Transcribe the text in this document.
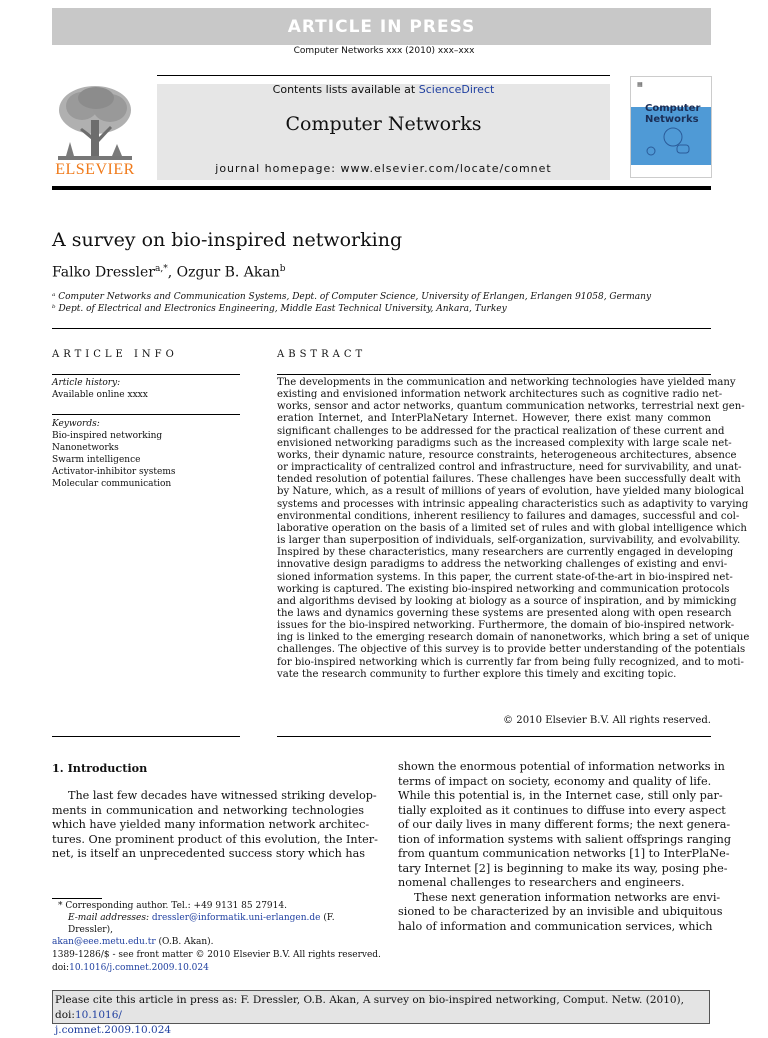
ARTICLE IN PRESS
Computer Networks xxx (2010) xxx–xxx
ELSEVIER
Contents lists available at ScienceDirect
Computer Networks
journal homepage: www.elsevier.com/locate/comnet
▦
Computer
Networks
A survey on bio-inspired networking
Falko Dressler$^{a,*}$, Ozgur B. Akan$^b$
ᵃ Computer Networks and Communication Systems, Dept. of Computer Science, University of Erlangen, Erlangen 91058, Germany
ᵇ Dept. of Electrical and Electronics Engineering, Middle East Technical University, Ankara, Turkey
ARTICLE INFO
Article history:
Available online xxxx
Keywords:
Bio-inspired networking
Nanonetworks
Swarm intelligence
Activator-inhibitor systems
Molecular communication
ABSTRACT
The developments in the communication and networking technologies have yielded many
existing and envisioned information network architectures such as cognitive radio net-
works, sensor and actor networks, quantum communication networks, terrestrial next gen-
eration Internet, and InterPlaNetary Internet. However, there exist many common
significant challenges to be addressed for the practical realization of these current and
envisioned networking paradigms such as the increased complexity with large scale net-
works, their dynamic nature, resource constraints, heterogeneous architectures, absence
or impracticality of centralized control and infrastructure, need for survivability, and unat-
tended resolution of potential failures. These challenges have been successfully dealt with
by Nature, which, as a result of millions of years of evolution, have yielded many biological
systems and processes with intrinsic appealing characteristics such as adaptivity to varying
environmental conditions, inherent resiliency to failures and damages, successful and col-
laborative operation on the basis of a limited set of rules and with global intelligence which
is larger than superposition of individuals, self-organization, survivability, and evolvability.
Inspired by these characteristics, many researchers are currently engaged in developing
innovative design paradigms to address the networking challenges of existing and envi-
sioned information systems. In this paper, the current state-of-the-art in bio-inspired net-
working is captured. The existing bio-inspired networking and communication protocols
and algorithms devised by looking at biology as a source of inspiration, and by mimicking
the laws and dynamics governing these systems are presented along with open research
issues for the bio-inspired networking. Furthermore, the domain of bio-inspired network-
ing is linked to the emerging research domain of nanonetworks, which bring a set of unique
challenges. The objective of this survey is to provide better understanding of the potentials
for bio-inspired networking which is currently far from being fully recognized, and to moti-
vate the research community to further explore this timely and exciting topic.
© 2010 Elsevier B.V. All rights reserved.
1. Introduction
The last few decades have witnessed striking develop-
ments in communication and networking technologies
which have yielded many information network architec-
tures. One prominent product of this evolution, the Inter-
net, is itself an unprecedented success story which has
shown the enormous potential of information networks in
terms of impact on society, economy and quality of life.
While this potential is, in the Internet case, still only par-
tially exploited as it continues to diffuse into every aspect
of our daily lives in many different forms; the next genera-
tion of information systems with salient offsprings ranging
from quantum communication networks [1] to InterPlaNe-
tary Internet [2] is beginning to make its way, posing phe-
nomenal challenges to researchers and engineers.
These next generation information networks are envi-
sioned to be characterized by an invisible and ubiquitous
halo of information and communication services, which
* Corresponding author. Tel.: +49 9131 85 27914.
E-mail addresses: dressler@informatik.uni-erlangen.de (F. Dressler),
akan@eee.metu.edu.tr (O.B. Akan).
1389-1286/$ - see front matter © 2010 Elsevier B.V. All rights reserved.
doi:10.1016/j.comnet.2009.10.024
Please cite this article in press as: F. Dressler, O.B. Akan, A survey on bio-inspired networking, Comput. Netw. (2010), doi:10.1016/
j.comnet.2009.10.024
